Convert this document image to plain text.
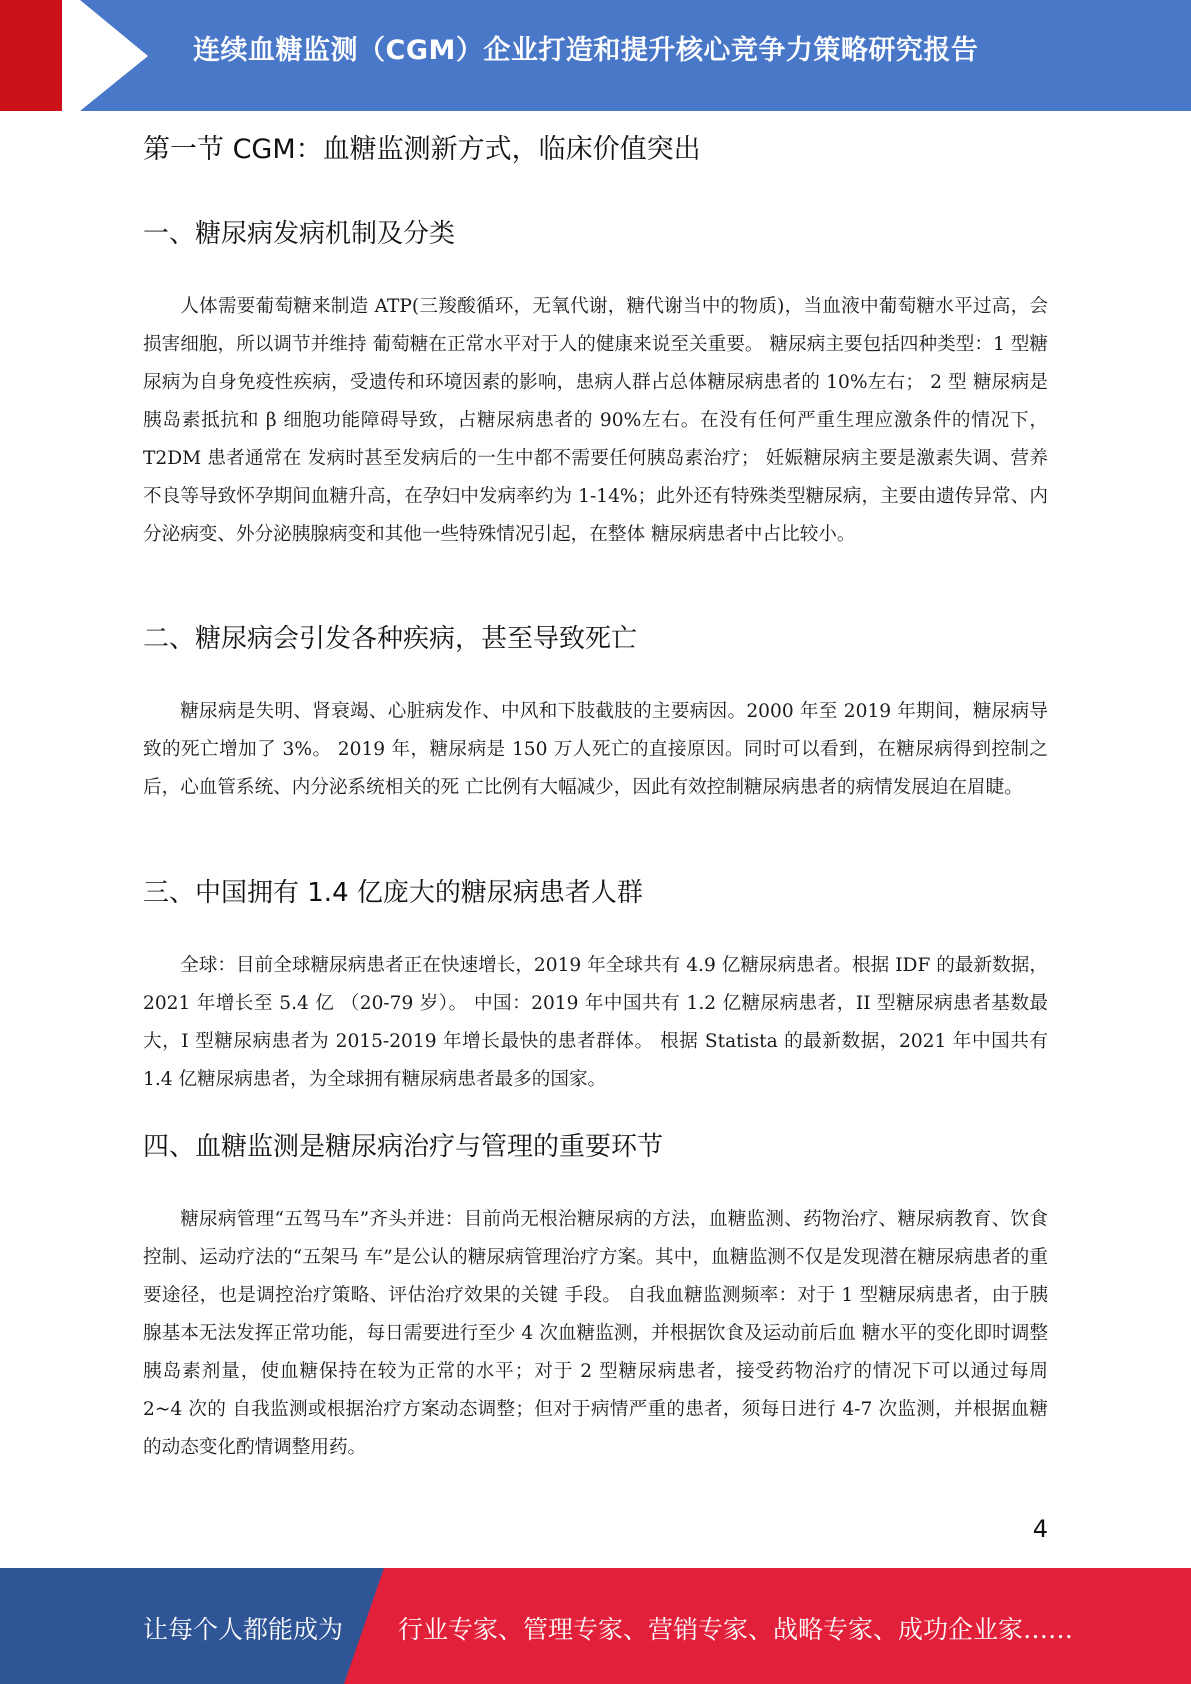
连续血糖监测（CGM）企业打造和提升核心竞争力策略研究报告
第一节 CGM：血糖监测新方式，临床价值突出
一、糖尿病发病机制及分类

人体需要葡萄糖来制造 ATP(三羧酸循环，无氧代谢，糖代谢当中的物质)，当血液中葡萄糖水平过高，会损害细胞，所以调节并维持 葡萄糖在正常水平对于人的健康来说至关重要。 糖尿病主要包括四种类型：1 型糖尿病为自身免疫性疾病，受遗传和环境因素的影响，患病人群占总体糖尿病患者的 10%左右； 2 型 糖尿病是胰岛素抵抗和 β 细胞功能障碍导致，占糖尿病患者的 90%左右。在没有任何严重生理应激条件的情况下，T2DM 患者通常在 发病时甚至发病后的一生中都不需要任何胰岛素治疗； 妊娠糖尿病主要是激素失调、营养不良等导致怀孕期间血糖升高，在孕妇中发病率约为 1-14%；此外还有特殊类型糖尿病，主要由遗传异常、内分泌病变、外分泌胰腺病变和其他一些特殊情况引起，在整体 糖尿病患者中占比较小。

二、糖尿病会引发各种疾病，甚至导致死亡

糖尿病是失明、肾衰竭、心脏病发作、中风和下肢截肢的主要病因。2000 年至 2019 年期间，糖尿病导致的死亡增加了 3%。 2019 年，糖尿病是 150 万人死亡的直接原因。同时可以看到，在糖尿病得到控制之后，心血管系统、内分泌系统相关的死 亡比例有大幅减少，因此有效控制糖尿病患者的病情发展迫在眉睫。

三、中国拥有 1.4 亿庞大的糖尿病患者人群

全球：目前全球糖尿病患者正在快速增长，2019 年全球共有 4.9 亿糖尿病患者。根据 IDF 的最新数据，2021 年增长至 5.4 亿 （20-79 岁）。 中国：2019 年中国共有 1.2 亿糖尿病患者，II 型糖尿病患者基数最大，I 型糖尿病患者为 2015-2019 年增长最快的患者群体。 根据 Statista 的最新数据，2021 年中国共有 1.4 亿糖尿病患者，为全球拥有糖尿病患者最多的国家。

四、血糖监测是糖尿病治疗与管理的重要环节

糖尿病管理“五驾马车”齐头并进：目前尚无根治糖尿病的方法，血糖监测、药物治疗、糖尿病教育、饮食控制、运动疗法的“五架马 车”是公认的糖尿病管理治疗方案。其中，血糖监测不仅是发现潜在糖尿病患者的重要途径，也是调控治疗策略、评估治疗效果的关键 手段。 自我血糖监测频率：对于 1 型糖尿病患者，由于胰腺基本无法发挥正常功能，每日需要进行至少 4 次血糖监测，并根据饮食及运动前后血 糖水平的变化即时调整胰岛素剂量，使血糖保持在较为正常的水平；对于 2 型糖尿病患者，接受药物治疗的情况下可以通过每周 2~4 次的 自我监测或根据治疗方案动态调整；但对于病情严重的患者，须每日进行 4-7 次监测，并根据血糖的动态变化酌情调整用药。

4
让每个人都能成为 行业专家、管理专家、营销专家、战略专家、成功企业家……
